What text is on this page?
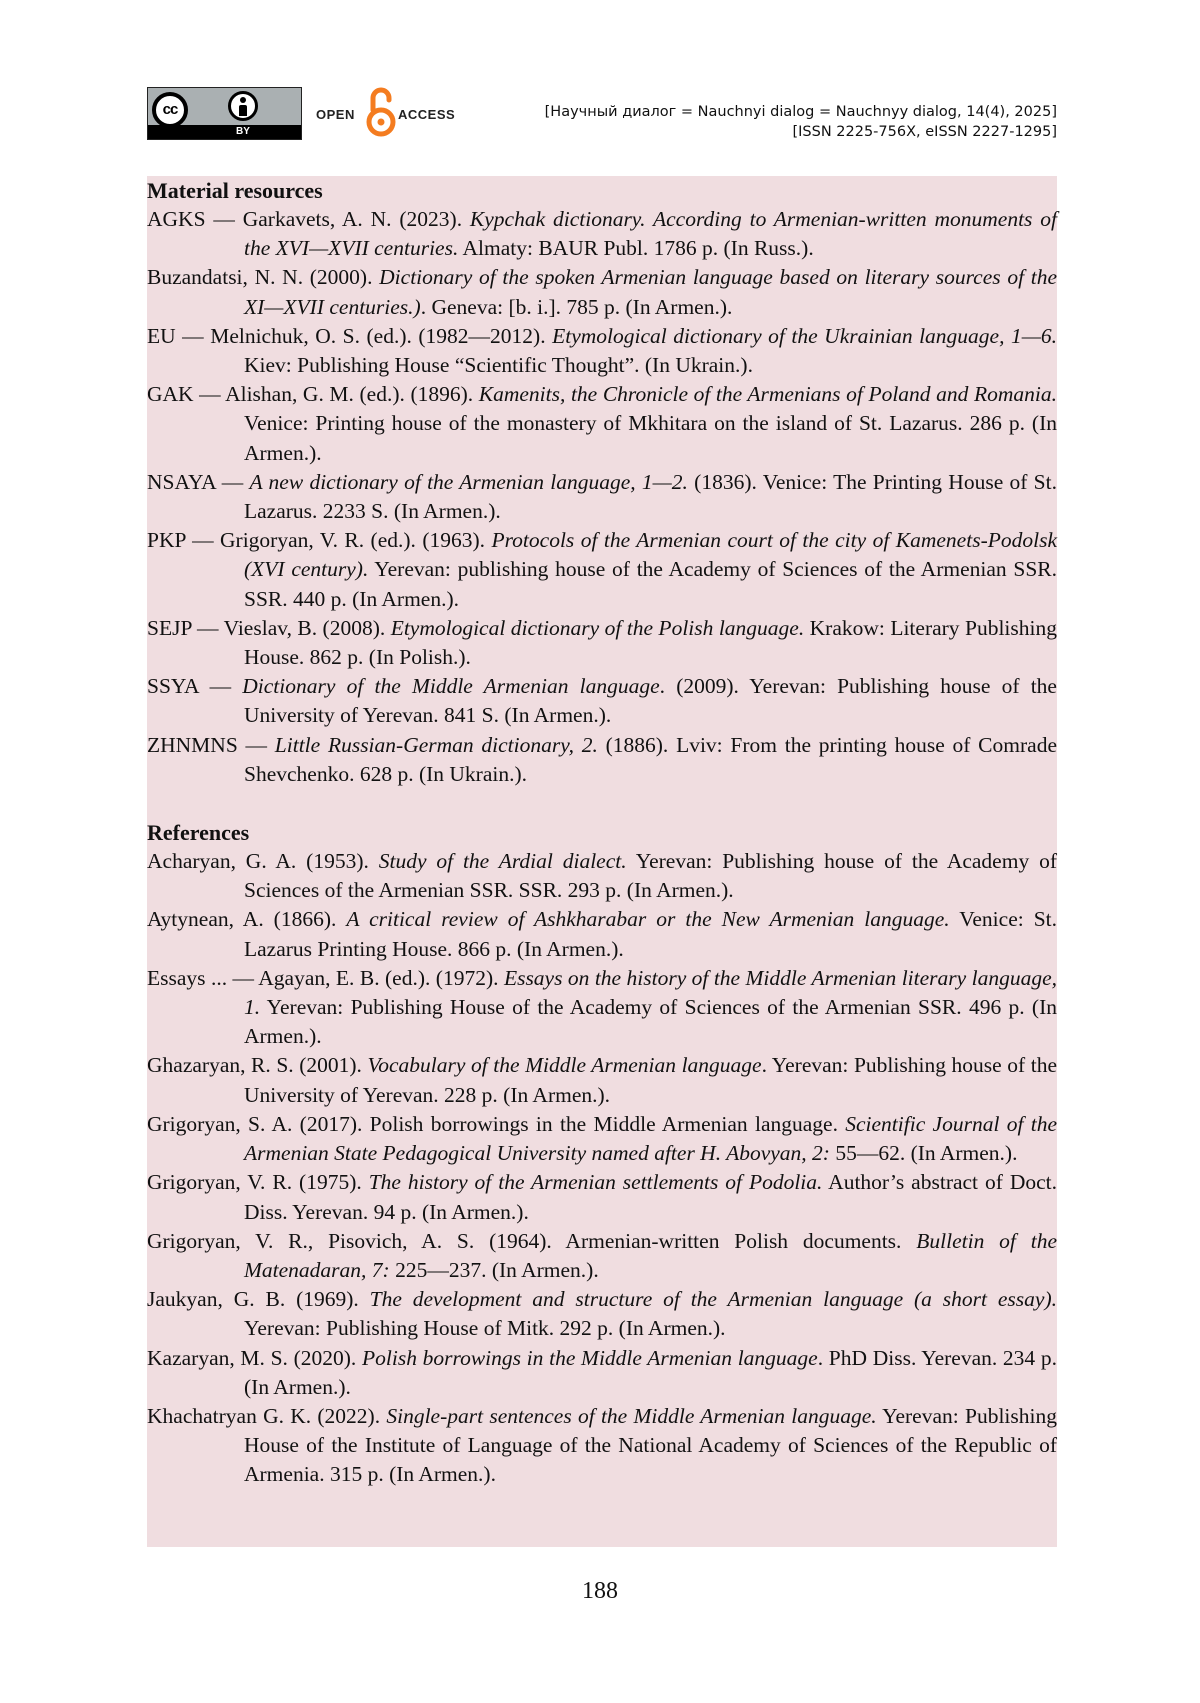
cc
BY
OPEN	ACCESS	[Научный диалог = Nauchnyi dialog = Nauchnyy dialog, 14(4), 2025]
[ISSN 2225-756X, eISSN 2227-1295]

Material resources

AGKS — Garkavets, A. N. (2023). Kypchak dictionary. According to Armenian-written monuments of the XVI—XVII centuries. Almaty: BAUR Publ. 1786 p. (In Russ.).

Buzandatsi, N. N. (2000). Dictionary of the spoken Armenian language based on literary sources of the XI—XVII centuries.). Geneva: [b. i.]. 785 p. (In Armen.).

EU — Melnichuk, O. S. (ed.). (1982—2012). Etymological dictionary of the Ukrainian language, 1—6. Kiev: Publishing House “Scientific Thought”. (In Ukrain.).

GAK — Alishan, G. M. (ed.). (1896). Kamenits, the Chronicle of the Armenians of Poland and Romania. Venice: Printing house of the monastery of Mkhitara on the island of St. Lazarus. 286 p. (In Armen.).

NSAYA — A new dictionary of the Armenian language, 1—2. (1836). Venice: The Printing House of St. Lazarus. 2233 S. (In Armen.).

PKP — Grigoryan, V. R. (ed.). (1963). Protocols of the Armenian court of the city of Kamenets-Podolsk (XVI century). Yerevan: publishing house of the Academy of Sciences of the Armenian SSR. SSR. 440 p. (In Armen.).

SEJP — Vieslav, B. (2008). Etymological dictionary of the Polish language. Krakow: Literary Publishing House. 862 p. (In Polish.).

SSYA — Dictionary of the Middle Armenian language. (2009). Yerevan: Publishing house of the University of Yerevan. 841 S. (In Armen.).

ZHNMNS — Little Russian-German dictionary, 2. (1886). Lviv: From the printing house of Comrade Shevchenko. 628 p. (In Ukrain.).

References

Acharyan, G. A. (1953). Study of the Ardial dialect. Yerevan: Publishing house of the Academy of Sciences of the Armenian SSR. SSR. 293 p. (In Armen.).

Aytynean, A. (1866). A critical review of Ashkharabar or the New Armenian language. Venice: St. Lazarus Printing House. 866 p. (In Armen.).

Essays ... — Agayan, E. B. (ed.). (1972). Essays on the history of the Middle Armenian literary language, 1. Yerevan: Publishing House of the Academy of Sciences of the Armenian SSR. 496 p. (In Armen.).

Ghazaryan, R. S. (2001). Vocabulary of the Middle Armenian language. Yerevan: Publishing house of the University of Yerevan. 228 p. (In Armen.).

Grigoryan, S. A. (2017). Polish borrowings in the Middle Armenian language. Scientific Journal of the Armenian State Pedagogical University named after H. Abovyan, 2: 55—62. (In Armen.).

Grigoryan, V. R. (1975). The history of the Armenian settlements of Podolia. Author’s abstract of Doct. Diss. Yerevan. 94 p. (In Armen.).

Grigoryan, V. R., Pisovich, A. S. (1964). Armenian-written Polish documents. Bulletin of the Matenadaran, 7: 225—237. (In Armen.).

Jaukyan, G. B. (1969). The development and structure of the Armenian language (a short essay). Yerevan: Publishing House of Mitk. 292 p. (In Armen.).

Kazaryan, M. S. (2020). Polish borrowings in the Middle Armenian language. PhD Diss. Yerevan. 234 p. (In Armen.).

Khachatryan G. K. (2022). Single-part sentences of the Middle Armenian language. Yerevan: Publishing House of the Institute of Language of the National Academy of Sciences of the Republic of Armenia. 315 p. (In Armen.).

188
